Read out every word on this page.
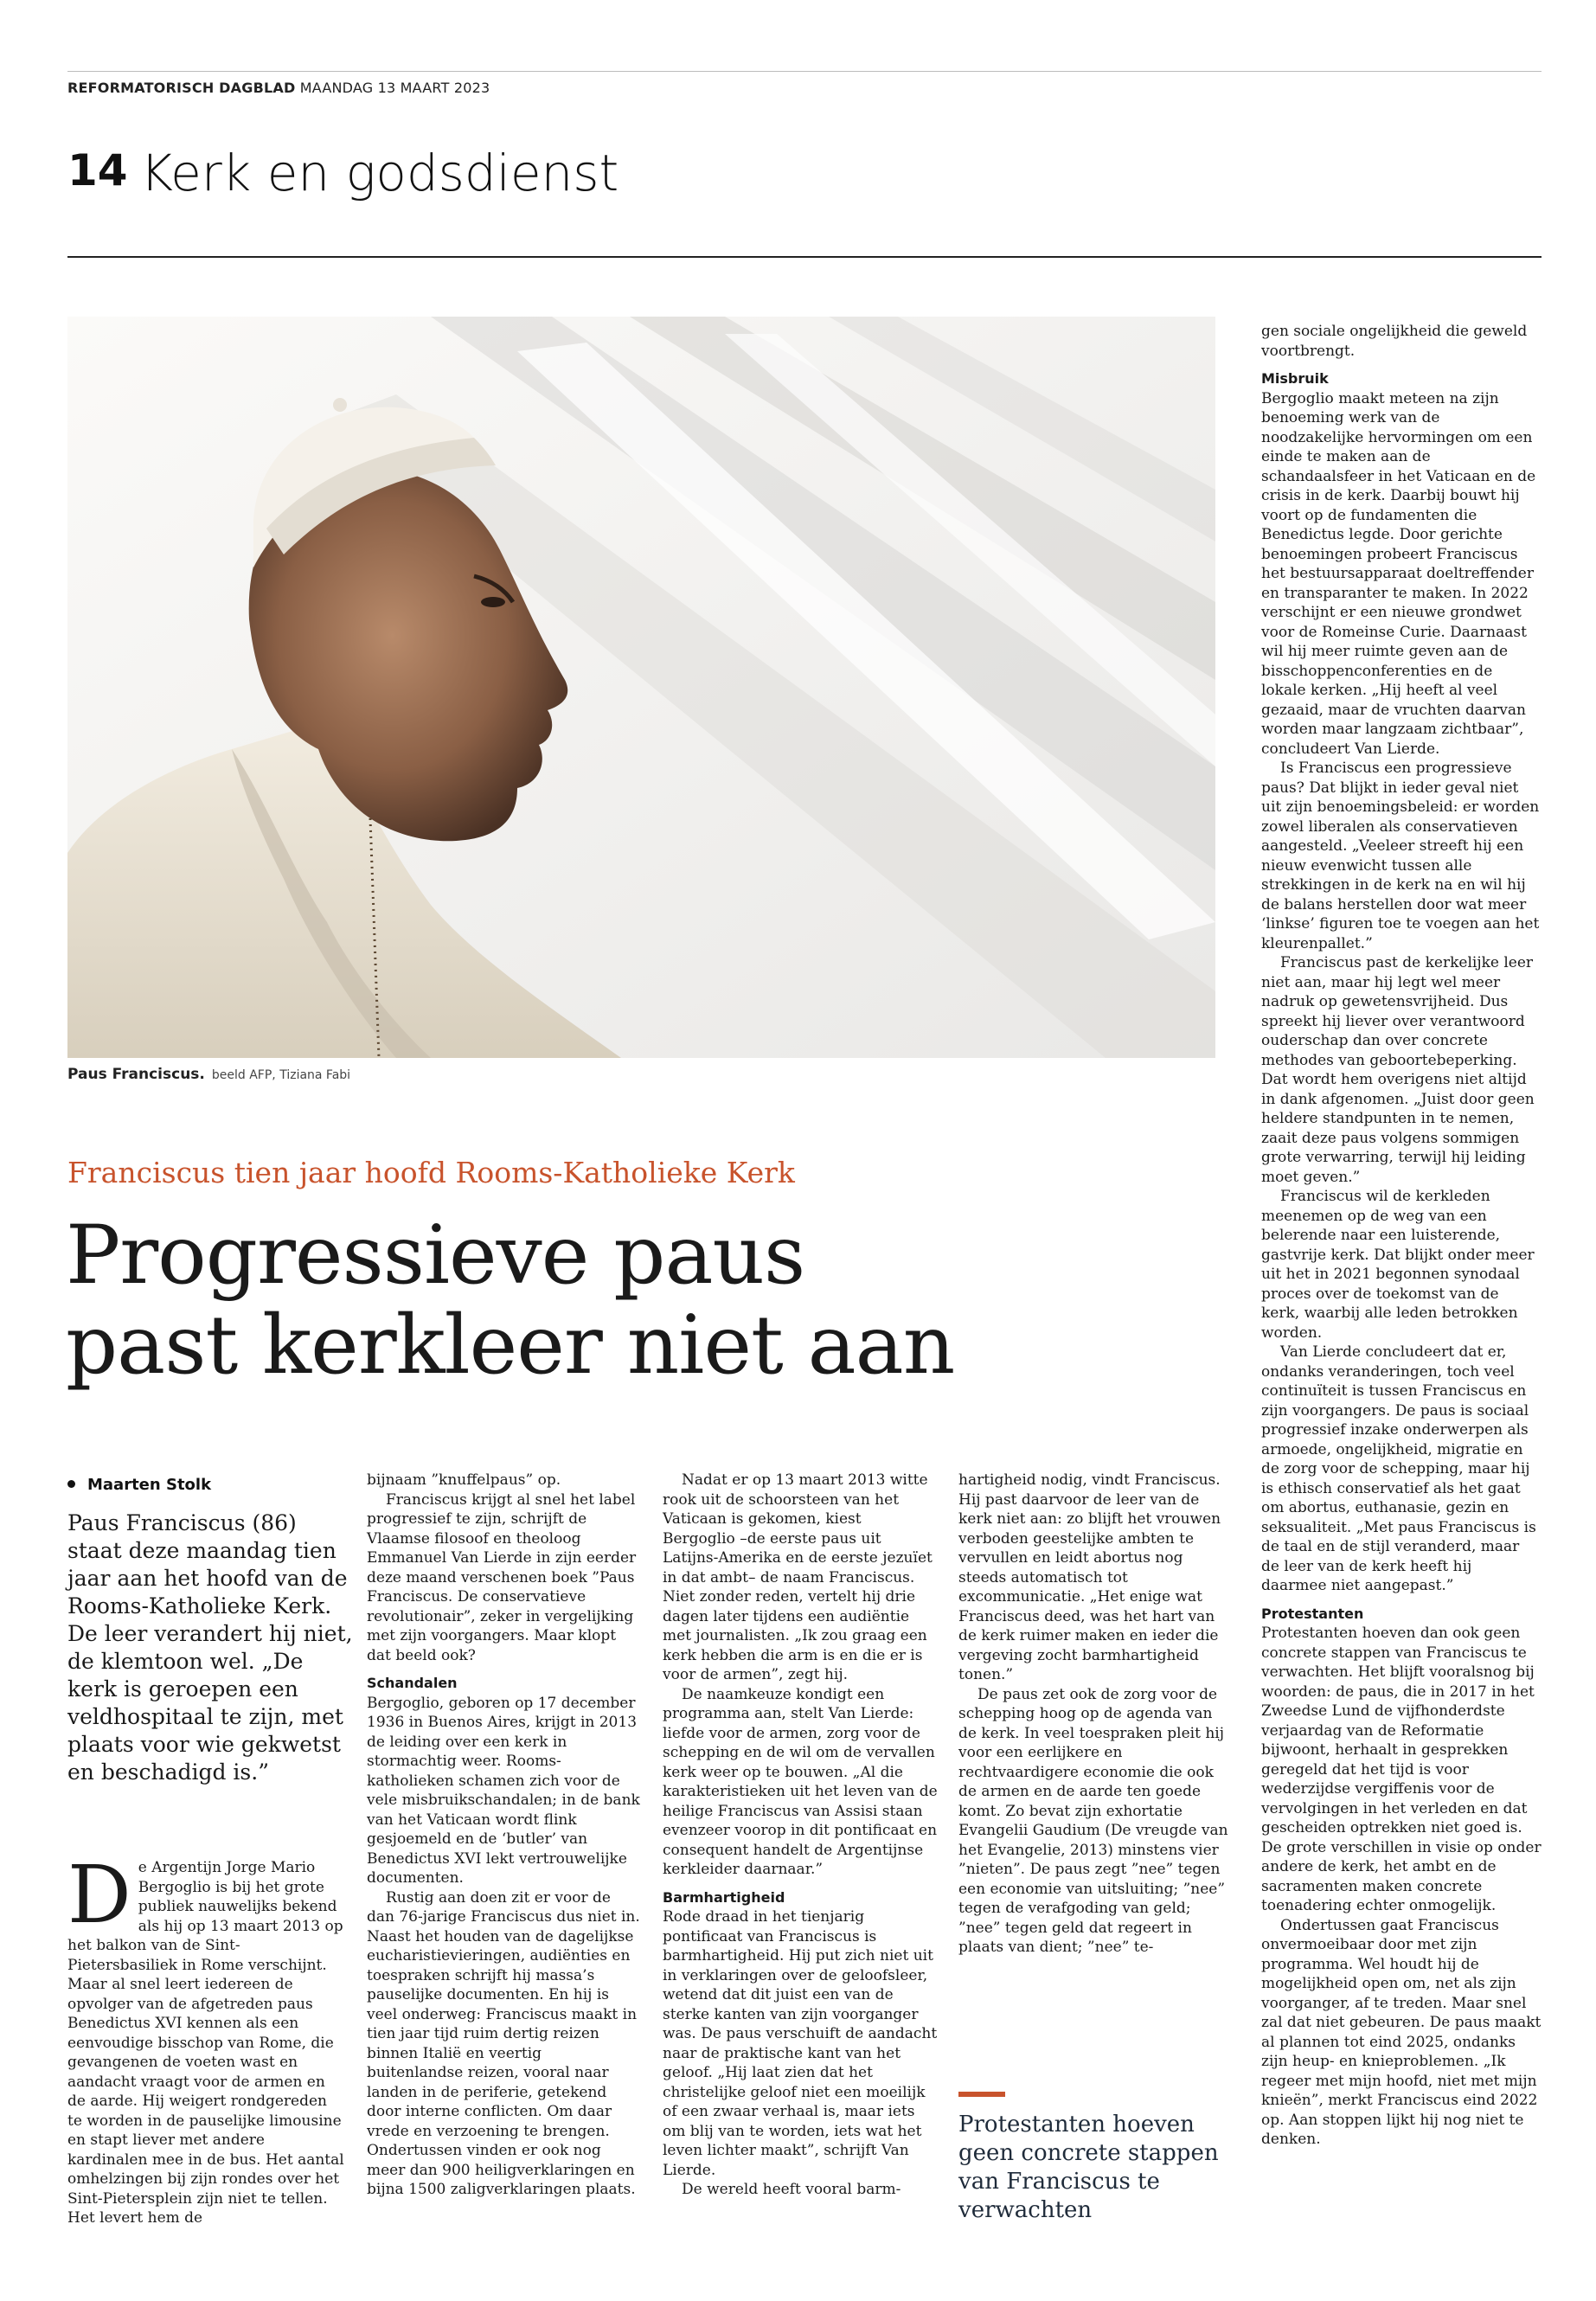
REFORMATORISCH DAGBLAD MAANDAG 13 MAART 2023
14 Kerk en godsdienst
Paus Franciscus. beeld AFP, Tiziana Fabi
Franciscus tien jaar hoofd Rooms-Katholieke Kerk
Progressieve paus
past kerkleer niet aan
Maarten Stolk
Paus Franciscus (86) staat deze maandag tien jaar aan het hoofd van de Rooms-Katholieke Kerk. De leer verandert hij niet, de klemtoon wel. „De kerk is geroepen een veldhospitaal te zijn, met plaats voor wie gekwetst en beschadigd is.”

De Argentijn Jorge Mario Bergoglio is bij het grote publiek nauwelijks bekend als hij op 13 maart 2013 op het balkon van de Sint-Pietersbasiliek in Rome verschijnt. Maar al snel leert iedereen de opvolger van de afgetreden paus Benedictus XVI kennen als een eenvoudige bisschop van Rome, die gevangenen de voeten wast en aandacht vraagt voor de armen en de aarde. Hij weigert rondgereden te worden in de pauselijke limousine en stapt liever met andere kardinalen mee in de bus. Het aantal omhelzingen bij zijn rondes over het Sint-Pietersplein zijn niet te tellen. Het levert hem de

bijnaam ”knuffelpaus” op.

Franciscus krijgt al snel het label progressief te zijn, schrijft de Vlaamse filosoof en theoloog Emmanuel Van Lierde in zijn eerder deze maand verschenen boek ”Paus Franciscus. De conservatieve revolutionair”, zeker in vergelijking met zijn voorgangers. Maar klopt dat beeld ook?

Schandalen

Bergoglio, geboren op 17 december 1936 in Buenos Aires, krijgt in 2013 de leiding over een kerk in stormachtig weer. Rooms-katholieken schamen zich voor de vele misbruikschandalen; in de bank van het Vaticaan wordt flink gesjoemeld en de ‘butler’ van Benedictus XVI lekt vertrouwelijke documenten.

Rustig aan doen zit er voor de dan 76-jarige Franciscus dus niet in. Naast het houden van de dagelijkse eucharistievieringen, audiënties en toespraken schrijft hij massa’s pauselijke documenten. En hij is veel onderweg: Franciscus maakt in tien jaar tijd ruim dertig reizen binnen Italië en veertig buitenlandse reizen, vooral naar landen in de periferie, getekend door interne conflicten. Om daar vrede en verzoening te brengen. Ondertussen vinden er ook nog meer dan 900 heiligverklaringen en bijna 1500 zaligverklaringen plaats.

Nadat er op 13 maart 2013 witte rook uit de schoorsteen van het Vaticaan is gekomen, kiest Bergoglio –de eerste paus uit Latijns-Amerika en de eerste jezuïet in dat ambt– de naam Franciscus. Niet zonder reden, vertelt hij drie dagen later tijdens een audiëntie met journalisten. „Ik zou graag een kerk hebben die arm is en die er is voor de armen”, zegt hij.

De naamkeuze kondigt een programma aan, stelt Van Lierde: liefde voor de armen, zorg voor de schepping en de wil om de vervallen kerk weer op te bouwen. „Al die karakteristieken uit het leven van de heilige Franciscus van Assisi staan evenzeer voorop in dit pontificaat en consequent handelt de Argentijnse kerkleider daarnaar.”

Barmhartigheid

Rode draad in het tienjarig pontificaat van Franciscus is barmhartigheid. Hij put zich niet uit in verklaringen over de geloofsleer, wetend dat dit juist een van de sterke kanten van zijn voorganger was. De paus verschuift de aandacht naar de praktische kant van het geloof. „Hij laat zien dat het christelijke geloof niet een moeilijk of een zwaar verhaal is, maar iets om blij van te worden, iets wat het leven lichter maakt”, schrijft Van Lierde.

De wereld heeft vooral barm-

hartigheid nodig, vindt Franciscus. Hij past daarvoor de leer van de kerk niet aan: zo blijft het vrouwen verboden geestelijke ambten te vervullen en leidt abortus nog steeds automatisch tot excommunicatie. „Het enige wat Franciscus deed, was het hart van de kerk ruimer maken en ieder die vergeving zocht barmhartigheid tonen.”

De paus zet ook de zorg voor de schepping hoog op de agenda van de kerk. In veel toespraken pleit hij voor een eerlijkere en rechtvaardigere economie die ook de armen en de aarde ten goede komt. Zo bevat zijn exhortatie Evangelii Gaudium (De vreugde van het Evangelie, 2013) minstens vier ”nieten”. De paus zegt ”nee” tegen een economie van uitsluiting; ”nee” tegen de verafgoding van geld; ”nee” tegen geld dat regeert in plaats van dient; ”nee” te-

Protestanten hoeven geen concrete stappen van Franciscus te verwachten

gen sociale ongelijkheid die geweld voortbrengt.

Misbruik

Bergoglio maakt meteen na zijn benoeming werk van de noodzakelijke hervormingen om een einde te maken aan de schandaalsfeer in het Vaticaan en de crisis in de kerk. Daarbij bouwt hij voort op de fundamenten die Benedictus legde. Door gerichte benoemingen probeert Franciscus het bestuursapparaat doeltreffender en transparanter te maken. In 2022 verschijnt er een nieuwe grondwet voor de Romeinse Curie. Daarnaast wil hij meer ruimte geven aan de bisschoppenconferenties en de lokale kerken. „Hij heeft al veel gezaaid, maar de vruchten daarvan worden maar langzaam zichtbaar”, concludeert Van Lierde.

Is Franciscus een progressieve paus? Dat blijkt in ieder geval niet uit zijn benoemingsbeleid: er worden zowel liberalen als conservatieven aangesteld. „Veeleer streeft hij een nieuw evenwicht tussen alle strekkingen in de kerk na en wil hij de balans herstellen door wat meer ‘linkse’ figuren toe te voegen aan het kleurenpallet.”

Franciscus past de kerkelijke leer niet aan, maar hij legt wel meer nadruk op gewetensvrijheid. Dus spreekt hij liever over verantwoord ouderschap dan over concrete methodes van geboortebeperking. Dat wordt hem overigens niet altijd in dank afgenomen. „Juist door geen heldere standpunten in te nemen, zaait deze paus volgens sommigen grote verwarring, terwijl hij leiding moet geven.”

Franciscus wil de kerkleden meenemen op de weg van een belerende naar een luisterende, gastvrije kerk. Dat blijkt onder meer uit het in 2021 begonnen synodaal proces over de toekomst van de kerk, waarbij alle leden betrokken worden.

Van Lierde concludeert dat er, ondanks veranderingen, toch veel continuïteit is tussen Franciscus en zijn voorgangers. De paus is sociaal progressief inzake onderwerpen als armoede, ongelijkheid, migratie en de zorg voor de schepping, maar hij is ethisch conservatief als het gaat om abortus, euthanasie, gezin en seksualiteit. „Met paus Franciscus is de taal en de stijl veranderd, maar de leer van de kerk heeft hij daarmee niet aangepast.”

Protestanten

Protestanten hoeven dan ook geen concrete stappen van Franciscus te verwachten. Het blijft vooralsnog bij woorden: de paus, die in 2017 in het Zweedse Lund de vijfhonderdste verjaardag van de Reformatie bijwoont, herhaalt in gesprekken geregeld dat het tijd is voor wederzijdse vergiffenis voor de vervolgingen in het verleden en dat gescheiden optrekken niet goed is. De grote verschillen in visie op onder andere de kerk, het ambt en de sacramenten maken concrete toenadering echter onmogelijk.

Ondertussen gaat Franciscus onvermoeibaar door met zijn programma. Wel houdt hij de mogelijkheid open om, net als zijn voorganger, af te treden. Maar snel zal dat niet gebeuren. De paus maakt al plannen tot eind 2025, ondanks zijn heup- en knieproblemen. „Ik regeer met mijn hoofd, niet met mijn knieën”, merkt Franciscus eind 2022 op. Aan stoppen lijkt hij nog niet te denken.
